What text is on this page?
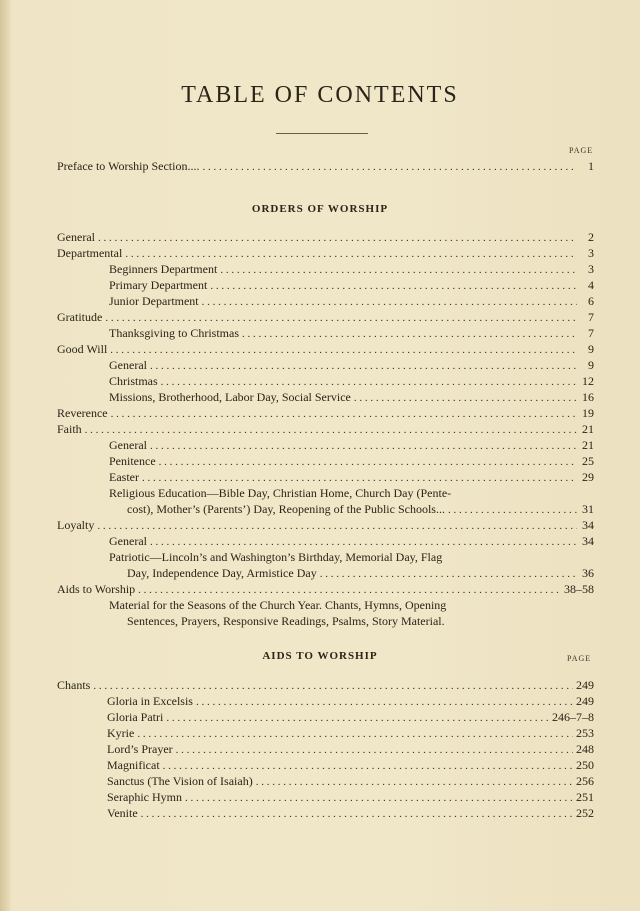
TABLE OF CONTENTS
PAGE
Preface to Worship Section.... . . .	1
ORDERS OF WORSHIP
General . . .	2
Departmental . . .	3
Beginners Department . . .	3
Primary Department . . .	4
Junior Department . . .	6
Gratitude . . .	7
Thanksgiving to Christmas . . .	7
Good Will . . .	9
General . . .	9
Christmas . . .	12
Missions, Brotherhood, Labor Day, Social Service . . .	16
Reverence . . .	19
Faith . . .	21
General . . .	21
Penitence . . .	25
Easter . . .	29
Religious Education—Bible Day, Christian Home, Church Day (Pente-
cost), Mother’s (Parents’) Day, Reopening of the Public Schools... . . .	31
Loyalty . . .	34
General . . .	34
Patriotic—Lincoln’s and Washington’s Birthday, Memorial Day, Flag
Day, Independence Day, Armistice Day . . .	36
Aids to Worship . . .	38–58
Material for the Seasons of the Church Year. Chants, Hymns, Opening
Sentences, Prayers, Responsive Readings, Psalms, Story Material.
AIDS TO WORSHIP	PAGE
Chants . . .	249
Gloria in Excelsis . . .	249
Gloria Patri . . .	246–7–8
Kyrie . . .	253
Lord’s Prayer . . .	248
Magnificat . . .	250
Sanctus (The Vision of Isaiah) . . .	256
Seraphic Hymn . . .	251
Venite . . .	252
